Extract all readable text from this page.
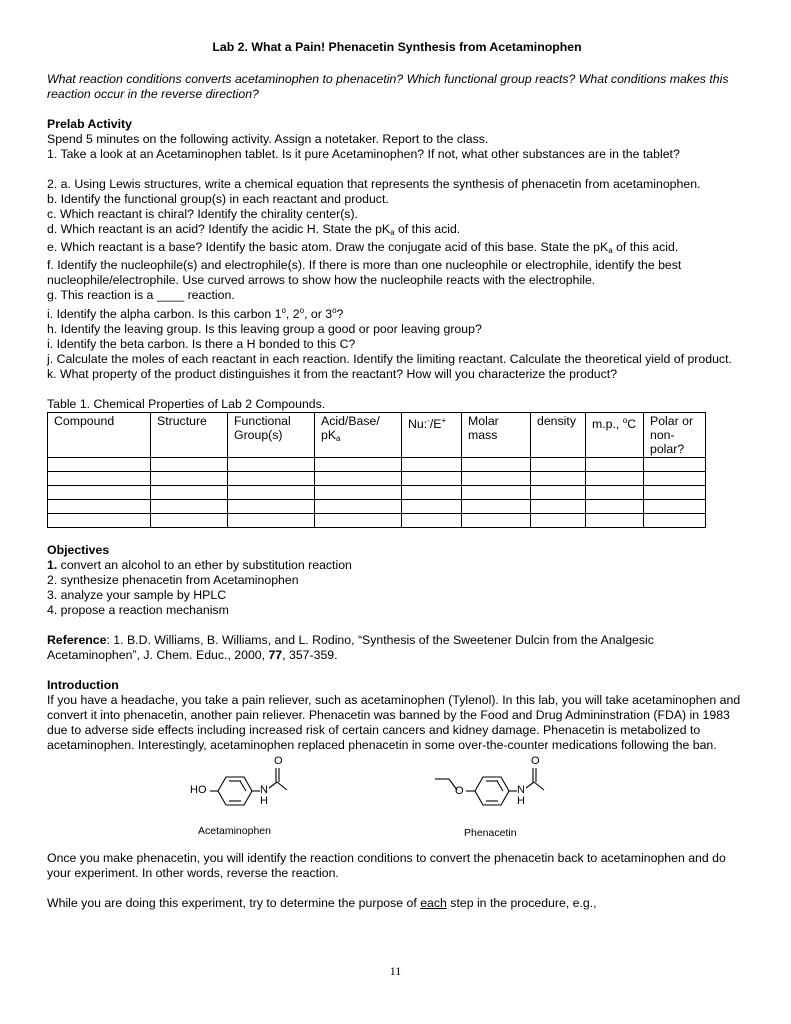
Lab 2. What a Pain! Phenacetin Synthesis from Acetaminophen

What reaction conditions converts acetaminophen to phenacetin? Which functional group reacts? What conditions makes this reaction occur in the reverse direction?

Prelab Activity

Spend 5 minutes on the following activity. Assign a notetaker. Report to the class.

1. Take a look at an Acetaminophen tablet. Is it pure Acetaminophen? If not, what other substances are in the tablet?

2. a. Using Lewis structures, write a chemical equation that represents the synthesis of phenacetin from acetaminophen.

b. Identify the functional group(s) in each reactant and product.

c. Which reactant is chiral? Identify the chirality center(s).

d. Which reactant is an acid? Identify the acidic H. State the $pK_a$ of this acid.

e. Which reactant is a base? Identify the basic atom. Draw the conjugate acid of this base. State the $pK_a$ of this acid.

f. Identify the nucleophile(s) and electrophile(s). If there is more than one nucleophile or electrophile, identify the best nucleophile/electrophile. Use curved arrows to show how the nucleophile reacts with the electrophile.

g. This reaction is a ____ reaction.

i. Identify the alpha carbon. Is this carbon 1$^o$, 2$^o$, or 3$^o$?

h. Identify the leaving group. Is this leaving group a good or poor leaving group?

i. Identify the beta carbon. Is there a H bonded to this C?

j. Calculate the moles of each reactant in each reaction. Identify the limiting reactant. Calculate the theoretical yield of product.

k. What property of the product distinguishes it from the reactant? How will you characterize the product?

Table 1. Chemical Properties of Lab 2 Compounds.

Compound	Structure	Functional Group(s)	Acid/Base/ $pK_a$	Nu:-/E+	Molar mass	density	m.p., $^o$C	Polar or non-polar?

Objectives

1. convert an alcohol to an ether by substitution reaction

2. synthesize phenacetin from Acetaminophen

3. analyze your sample by HPLC

4. propose a reaction mechanism

Reference: 1. B.D. Williams, B. Williams, and L. Rodino, “Synthesis of the Sweetener Dulcin from the Analgesic Acetaminophen”, J. Chem. Educ., 2000, 77, 357-359.

Introduction

If you have a headache, you take a pain reliever, such as acetaminophen (Tylenol). In this lab, you will take acetaminophen and convert it into phenacetin, another pain reliever. Phenacetin was banned by the Food and Drug Admininstration (FDA) in 1983 due to adverse side effects including increased risk of certain cancers and kidney damage. Phenacetin is metabolized to acetaminophen. Interestingly, acetaminophen replaced phenacetin in some over-the-counter medications following the ban.

HO	N
H
O
Acetaminophen
O	N
H
O
Phenacetin

Once you make phenacetin, you will identify the reaction conditions to convert the phenacetin back to acetaminophen and do your experiment. In other words, reverse the reaction.

While you are doing this experiment, try to determine the purpose of each step in the procedure, e.g.,

11
